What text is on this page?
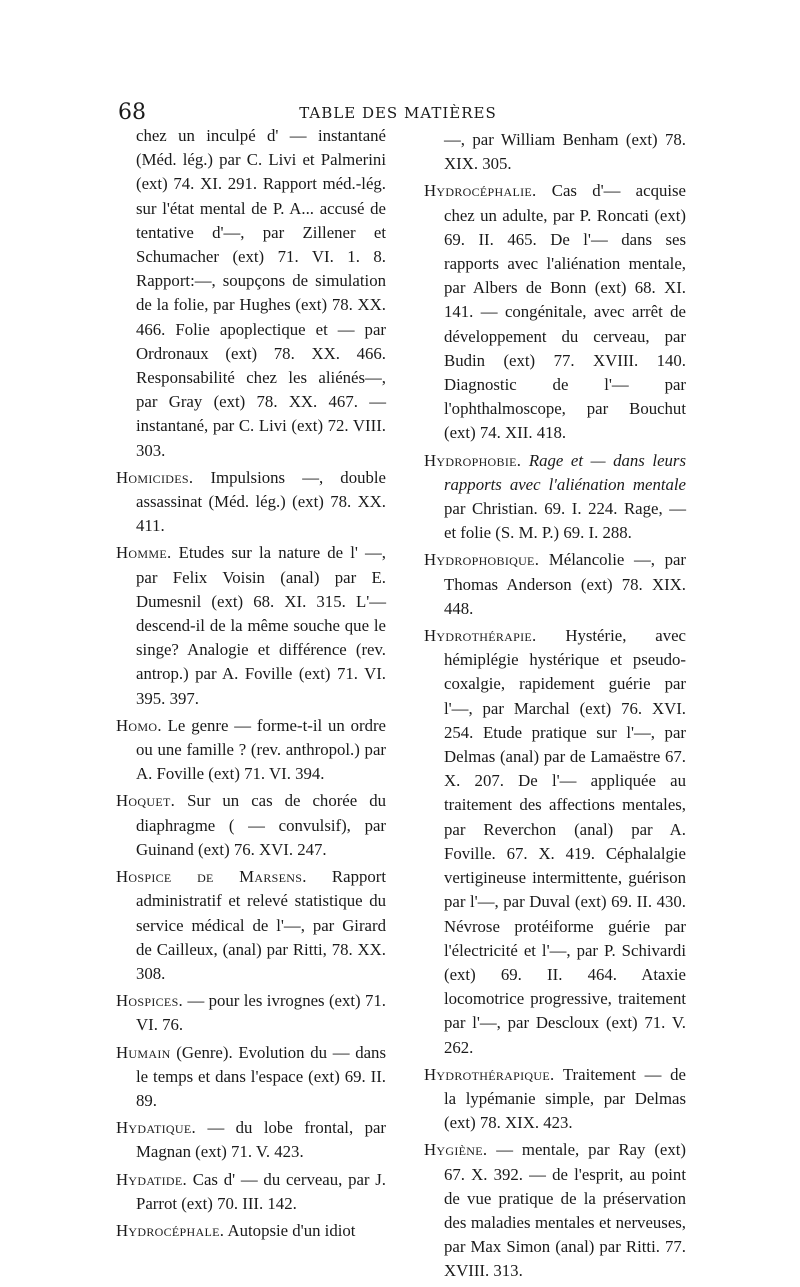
68	TABLE DES MATIÈRES

chez un inculpé d' — instantané (Méd. lég.) par C. Livi et Palmerini (ext) 74. XI. 291. Rapport méd.-lég. sur l'état mental de P. A... accusé de tentative d'—, par Zillener et Schumacher (ext) 71. VI. 1. 8. Rapport:—, soupçons de simulation de la folie, par Hughes (ext) 78. XX. 466. Folie apoplectique et — par Ordronaux (ext) 78. XX. 466. Responsabilité chez les aliénés—, par Gray (ext) 78. XX. 467. — instantané, par C. Livi (ext) 72. VIII. 303.

Homicides. Impulsions —, double assassinat (Méd. lég.) (ext) 78. XX. 411.

Homme. Etudes sur la nature de l' —, par Felix Voisin (anal) par E. Dumesnil (ext) 68. XI. 315. L'— descend-il de la même souche que le singe? Analogie et différence (rev. antrop.) par A. Foville (ext) 71. VI. 395. 397.

Homo. Le genre — forme-t-il un ordre ou une famille ? (rev. anthropol.) par A. Foville (ext) 71. VI. 394.

Hoquet. Sur un cas de chorée du diaphragme ( — convulsif), par Guinand (ext) 76. XVI. 247.

Hospice de Marsens. Rapport administratif et relevé statistique du service médical de l'—, par Girard de Cailleux, (anal) par Ritti, 78. XX. 308.

Hospices. — pour les ivrognes (ext) 71. VI. 76.

Humain (Genre). Evolution du — dans le temps et dans l'espace (ext) 69. II. 89.

Hydatique. — du lobe frontal, par Magnan (ext) 71. V. 423.

Hydatide. Cas d' — du cerveau, par J. Parrot (ext) 70. III. 142.

Hydrocéphale. Autopsie d'un idiot

—, par William Benham (ext) 78. XIX. 305.

Hydrocéphalie. Cas d'— acquise chez un adulte, par P. Roncati (ext) 69. II. 465. De l'— dans ses rapports avec l'aliénation mentale, par Albers de Bonn (ext) 68. XI. 141. — congénitale, avec arrêt de développement du cerveau, par Budin (ext) 77. XVIII. 140. Diagnostic de l'— par l'ophthalmoscope, par Bouchut (ext) 74. XII. 418.

Hydrophobie. Rage et — dans leurs rapports avec l'aliénation mentale par Christian. 69. I. 224. Rage, — et folie (S. M. P.) 69. I. 288.

Hydrophobique. Mélancolie —, par Thomas Anderson (ext) 78. XIX. 448.

Hydrothérapie. Hystérie, avec hémiplégie hystérique et pseudo-coxalgie, rapidement guérie par l'—, par Marchal (ext) 76. XVI. 254. Etude pratique sur l'—, par Delmas (anal) par de Lamaëstre 67. X. 207. De l'— appliquée au traitement des affections mentales, par Reverchon (anal) par A. Foville. 67. X. 419. Céphalalgie vertigineuse intermittente, guérison par l'—, par Duval (ext) 69. II. 430. Névrose protéiforme guérie par l'électricité et l'—, par P. Schivardi (ext) 69. II. 464. Ataxie locomotrice progressive, traitement par l'—, par Descloux (ext) 71. V. 262.

Hydrothérapique. Traitement — de la lypémanie simple, par Delmas (ext) 78. XIX. 423.

Hygiène. — mentale, par Ray (ext) 67. X. 392. — de l'esprit, au point de vue pratique de la préservation des maladies mentales et nerveuses, par Max Simon (anal) par Ritti. 77. XVIII. 313.
